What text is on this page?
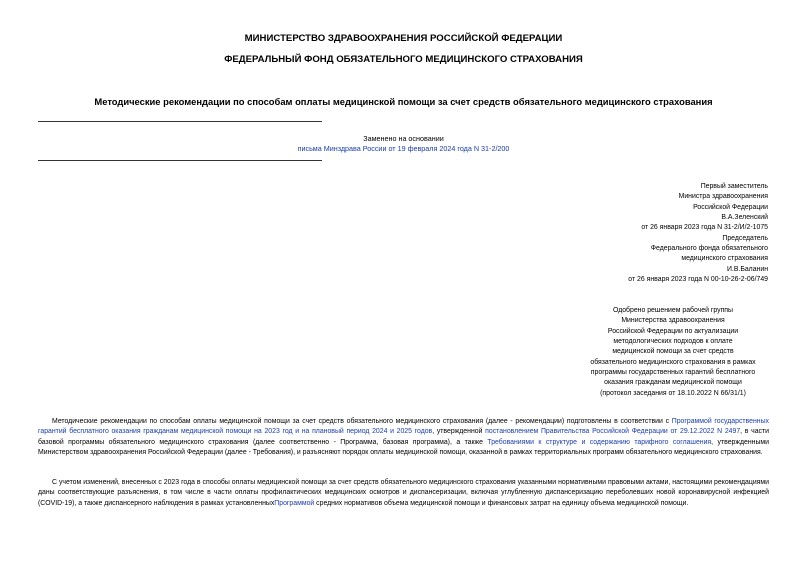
МИНИСТЕРСТВО ЗДРАВООХРАНЕНИЯ РОССИЙСКОЙ ФЕДЕРАЦИИ
ФЕДЕРАЛЬНЫЙ ФОНД ОБЯЗАТЕЛЬНОГО МЕДИЦИНСКОГО СТРАХОВАНИЯ
Методические рекомендации по способам оплаты медицинской помощи за счет средств обязательного медицинского страхования
Заменено на основании
письма Минздрава России от 19 февраля 2024 года N 31-2/200
Первый заместитель
Министра здравоохранения
Российской Федерации
В.А.Зеленский
от 26 января 2023 года N 31-2/И/2-1075
Председатель
Федерального фонда обязательного
медицинского страхования
И.В.Баланин
от 26 января 2023 года N 00-10-26-2-06/749
Одобрено решением рабочей группы
Министерства здравоохранения
Российской Федерации по актуализации
методологических подходов к оплате
медицинской помощи за счет средств
обязательного медицинского страхования в рамках
программы государственных гарантий бесплатного
оказания гражданам медицинской помощи
(протокол заседания от 18.10.2022 N 66/31/1)
Методические рекомендации по способам оплаты медицинской помощи за счет средств обязательного медицинского страхования (далее - рекомендации) подготовлены в соответствии с Программой государственных гарантий бесплатного оказания гражданам медицинской помощи на 2023 год и на плановый период 2024 и 2025 годов, утвержденной постановлением Правительства Российской Федерации от 29.12.2022 N 2497, в части базовой программы обязательного медицинского страхования (далее соответственно - Программа, базовая программа), а также Требованиями к структуре и содержанию тарифного соглашения, утвержденными Министерством здравоохранения Российской Федерации (далее - Требования), и разъясняют порядок оплаты медицинской помощи, оказанной в рамках территориальных программ обязательного медицинского страхования.
С учетом изменений, внесенных с 2023 года в способы оплаты медицинской помощи за счет средств обязательного медицинского страхования указанными нормативными правовыми актами, настоящими рекомендациями даны соответствующие разъяснения, в том числе в части оплаты профилактических медицинских осмотров и диспансеризации, включая углубленную диспансеризацию переболевших новой коронавирусной инфекцией (COVID-19), а также диспансерного наблюдения в рамках установленныхПрограммой средних нормативов объема медицинской помощи и финансовых затрат на единицу объема медицинской помощи.
